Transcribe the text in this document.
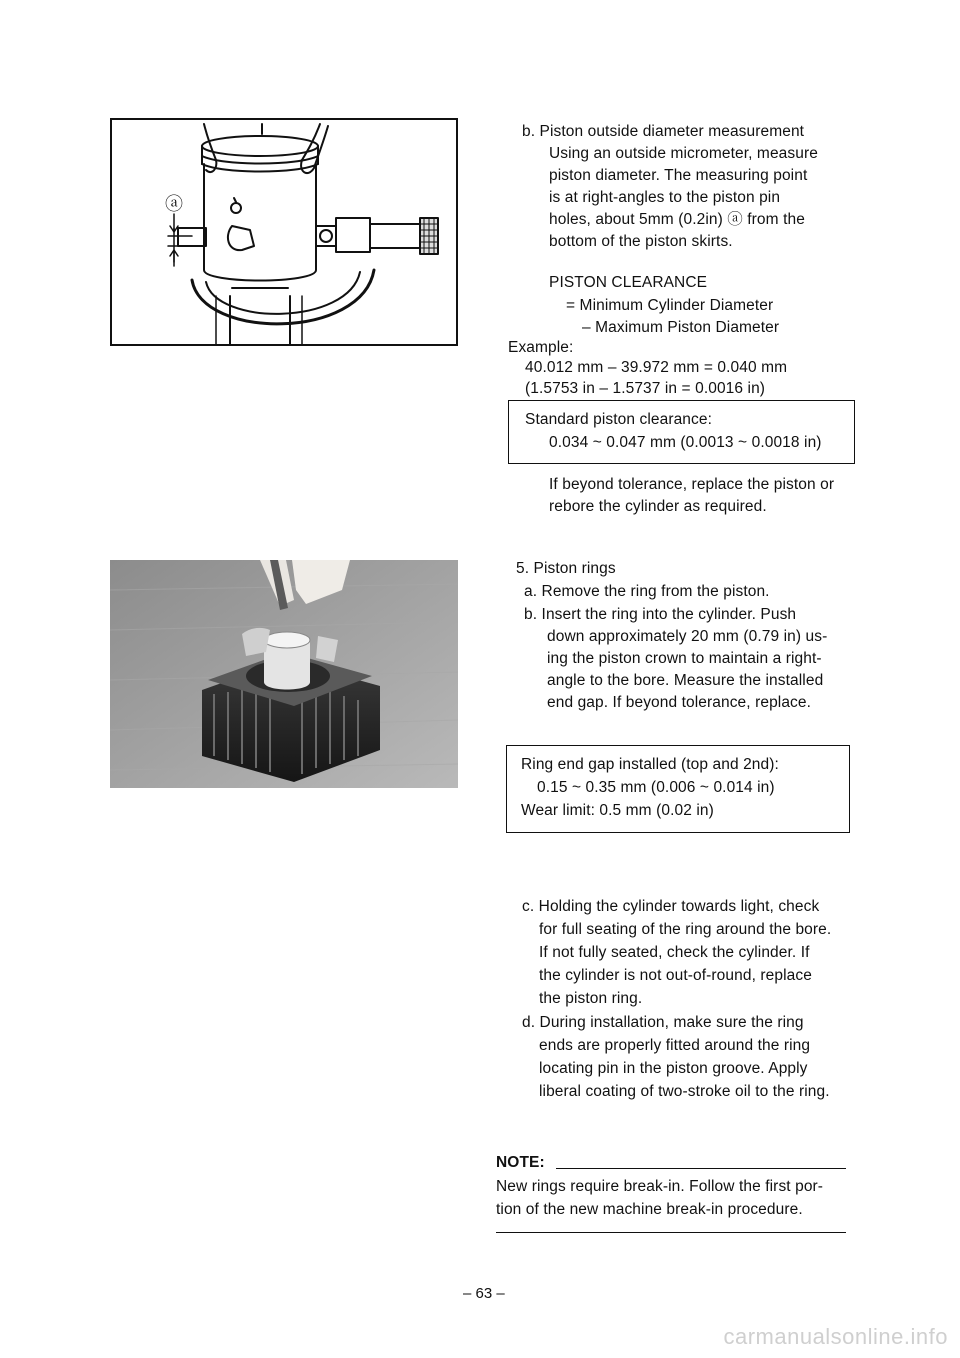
ⓐ
b. Piston outside diameter measurement
Using an outside micrometer, measure
piston diameter. The measuring point
is at right-angles to the piston pin
holes, about 5mm (0.2in) ⓐ from the
bottom of the piston skirts.
PISTON CLEARANCE
= Minimum Cylinder Diameter
– Maximum Piston Diameter
Example:
40.012 mm – 39.972 mm = 0.040 mm
(1.5753 in – 1.5737 in = 0.0016 in)
Standard piston clearance:
0.034 ~ 0.047 mm (0.0013 ~ 0.0018 in)
If beyond tolerance, replace the piston or
rebore the cylinder as required.
5. Piston rings
a. Remove the ring from the piston.
b. Insert the ring into the cylinder. Push
down approximately 20 mm (0.79 in) us-
ing the piston crown to maintain a right-
angle to the bore. Measure the installed
end gap. If beyond tolerance, replace.
Ring end gap installed (top and 2nd):
0.15 ~ 0.35 mm (0.006 ~ 0.014 in)
Wear limit: 0.5 mm (0.02 in)
c. Holding the cylinder towards light, check
for full seating of the ring around the bore.
If not fully seated, check the cylinder. If
the cylinder is not out-of-round, replace
the piston ring.
d. During installation, make sure the ring
ends are properly fitted around the ring
locating pin in the piston groove. Apply
liberal coating of two-stroke oil to the ring.
NOTE:
New rings require break-in. Follow the first por-
tion of the new machine break-in procedure.
– 63 –
carmanualsonline.info
